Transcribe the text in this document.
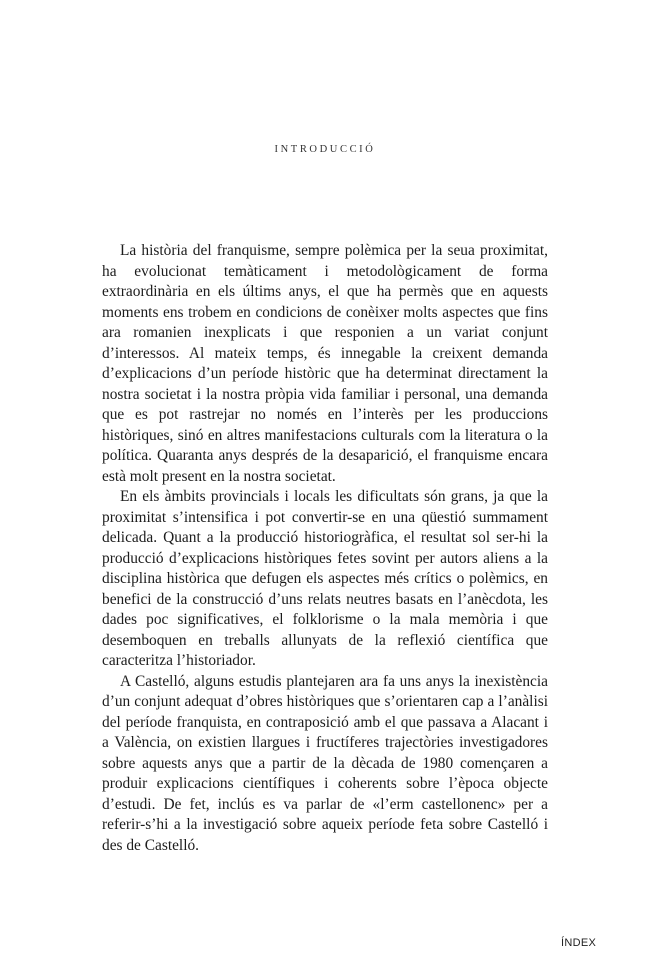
INTRODUCCIÓ

La història del franquisme, sempre polèmica per la seua proximitat, ha evolucionat temàticament i metodològicament de forma extraordinària en els últims anys, el que ha permès que en aquests moments ens trobem en condicions de conèixer molts aspectes que fins ara romanien inexplicats i que responien a un variat conjunt d’interessos. Al mateix temps, és innegable la creixent demanda d’explicacions d’un període històric que ha determinat directament la nostra societat i la nostra pròpia vida familiar i personal, una demanda que es pot rastrejar no només en l’interès per les produccions històriques, sinó en altres manifestacions culturals com la literatura o la política. Quaranta anys després de la desaparició, el franquisme encara està molt present en la nostra societat.

En els àmbits provincials i locals les dificultats són grans, ja que la proximitat s’intensifica i pot convertir-se en una qüestió summament delicada. Quant a la producció historiogràfica, el resultat sol ser-hi la producció d’explicacions històriques fetes sovint per autors aliens a la disciplina històrica que defugen els aspectes més crítics o polèmics, en benefici de la construcció d’uns relats neutres basats en l’anècdota, les dades poc significatives, el folklorisme o la mala memòria i que desemboquen en treballs allunyats de la reflexió científica que caracteritza l’historiador.

A Castelló, alguns estudis plantejaren ara fa uns anys la inexistència d’un conjunt adequat d’obres històriques que s’orientaren cap a l’anàlisi del període franquista, en contraposició amb el que passava a Alacant i a València, on existien llargues i fructíferes trajectòries investigadores sobre aquests anys que a partir de la dècada de 1980 començaren a produir explicacions científiques i coherents sobre l’època objecte d’estudi. De fet, inclús es va parlar de «l’erm castellonenc» per a referir-s’hi a la investigació sobre aqueix període feta sobre Castelló i des de Castelló.

ÍNDEX
